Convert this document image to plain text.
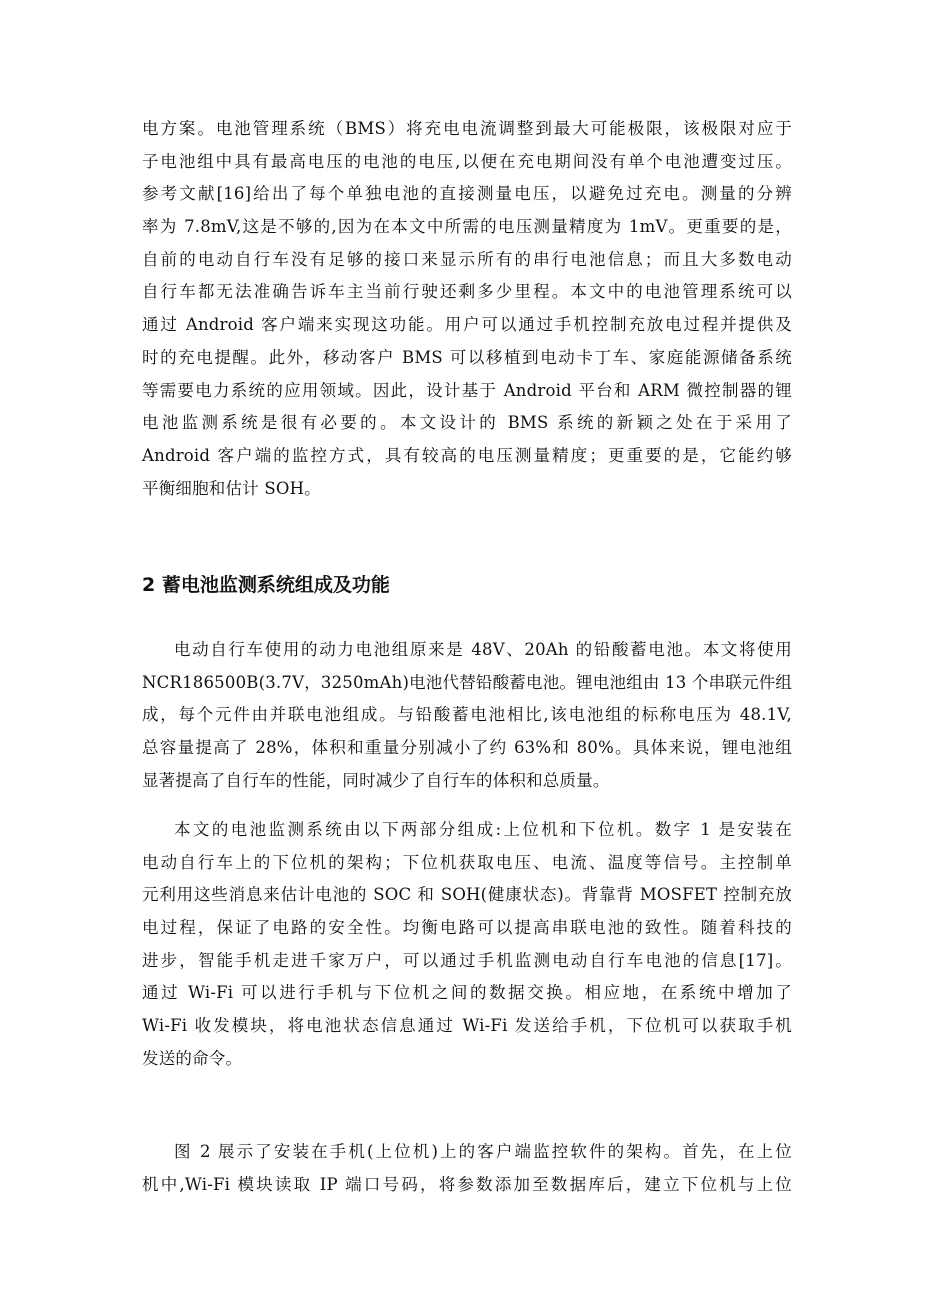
电方案。电池管理系统（BMS）将充电电流调整到最大可能极限，该极限对应于
子电池组中具有最高电压的电池的电压,以便在充电期间没有单个电池遭变过压。
参考文献[16]给出了每个单独电池的直接测量电压，以避免过充电。测量的分辨
率为 7.8mV,这是不够的,因为在本文中所需的电压测量精度为 1mV。更重要的是，
自前的电动自行车没有足够的接口来显示所有的串行电池信息；而且大多数电动
自行车都无法准确告诉车主当前行驶还剩多少里程。本文中的电池管理系统可以
通过 Android 客户端来实现这功能。用户可以通过手机控制充放电过程并提供及
时的充电提醒。此外，移动客户 BMS 可以移植到电动卡丁车、家庭能源储备系统
等需要电力系统的应用领域。因此，设计基于 Android 平台和 ARM 微控制器的锂
电池监测系统是很有必要的。本文设计的 BMS 系统的新颖之处在于采用了
Android 客户端的监控方式，具有较高的电压测量精度；更重要的是，它能约够
平衡细胞和估计 SOH。
2 蓄电池监测系统组成及功能
电动自行车使用的动力电池组原来是 48V、20Ah 的铅酸蓄电池。本文将使用
NCR186500B(3.7V，3250mAh)电池代替铅酸蓄电池。锂电池组由 13 个串联元件组
成，每个元件由并联电池组成。与铅酸蓄电池相比,该电池组的标称电压为 48.1V,
总容量提高了 28%，体积和重量分别减小了约 63%和 80%。具体来说，锂电池组
显著提高了自行车的性能，同时减少了自行车的体积和总质量。
本文的电池监测系统由以下两部分组成:上位机和下位机。数字 1 是安装在
电动自行车上的下位机的架构；下位机获取电压、电流、温度等信号。主控制单
元利用这些消息来估计电池的 SOC 和 SOH(健康状态)。背靠背 MOSFET 控制充放
电过程，保证了电路的安全性。均衡电路可以提高串联电池的致性。随着科技的
进步，智能手机走进千家万户，可以通过手机监测电动自行车电池的信息[17]。
通过 Wi-Fi 可以进行手机与下位机之间的数据交换。相应地，在系统中增加了
Wi-Fi 收发模块，将电池状态信息通过 Wi-Fi 发送给手机，下位机可以获取手机
发送的命令。
图 2 展示了安装在手机(上位机)上的客户端监控软件的架构。首先，在上位
机中,Wi-Fi 模块读取 IP 端口号码，将参数添加至数据库后，建立下位机与上位
